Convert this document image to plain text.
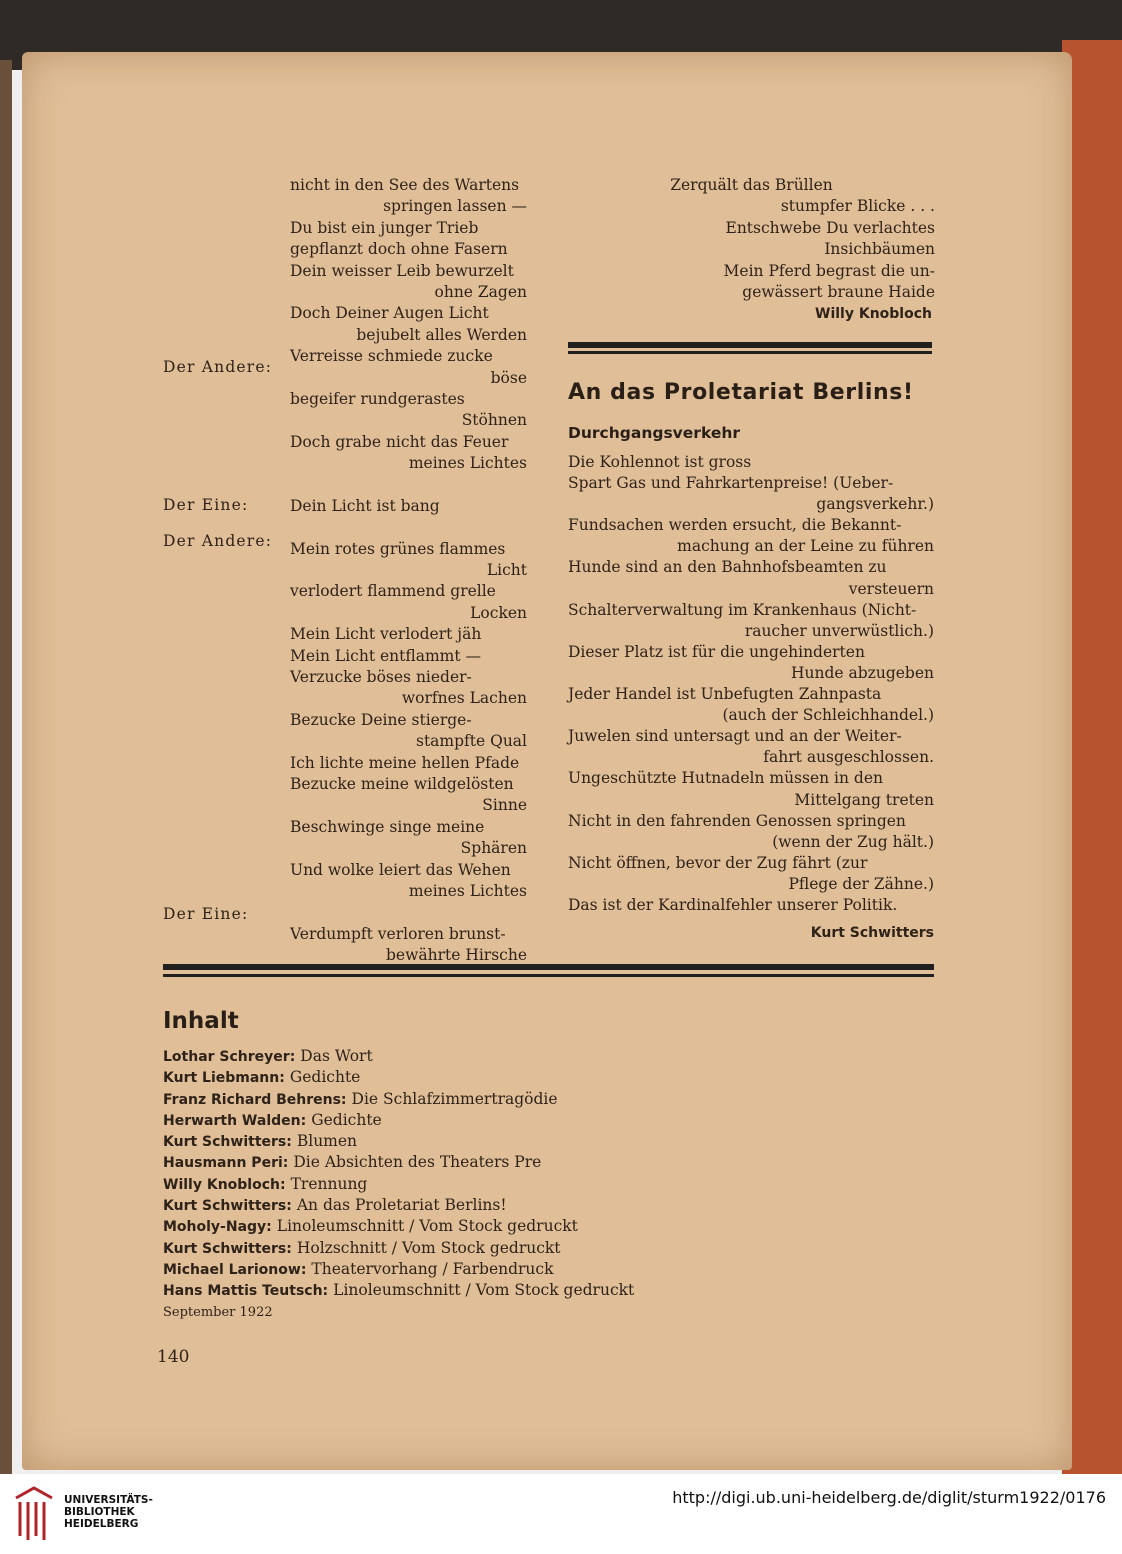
nicht in den See des Wartens
springen lassen —
Du bist ein junger Trieb
gepflanzt doch ohne Fasern
Dein weisser Leib bewurzelt
ohne Zagen
Doch Deiner Augen Licht
bejubelt alles Werden
Verreisse schmiede zucke
böse
begeifer rundgerastes
Stöhnen
Doch grabe nicht das Feuer
meines Lichtes
Dein Licht ist bang
Mein rotes grünes flammes
Licht
verlodert flammend grelle
Locken
Mein Licht verlodert jäh
Mein Licht entflammt —
Verzucke böses nieder-
worfnes Lachen
Bezucke Deine stierge-
stampfte Qual
Ich lichte meine hellen Pfade
Bezucke meine wildgelösten
Sinne
Beschwinge singe meine
Sphären
Und wolke leiert das Wehen
meines Lichtes
Verdumpft verloren brunst-
bewährte Hirsche
Der Andere:
Der Eine:
Der Andere:
Der Eine:
Zerquält das Brüllen
stumpfer Blicke . . .
Entschwebe Du verlachtes
Insichbäumen
Mein Pferd begrast die un-
gewässert braune Haide
Willy Knobloch
An das Proletariat Berlins!
Durchgangsverkehr
Die Kohlennot ist gross
Spart Gas und Fahrkartenpreise! (Ueber-
gangsverkehr.)
Fundsachen werden ersucht, die Bekannt-
machung an der Leine zu führen
Hunde sind an den Bahnhofsbeamten zu
versteuern
Schalterverwaltung im Krankenhaus (Nicht-
raucher unverwüstlich.)
Dieser Platz ist für die ungehinderten
Hunde abzugeben
Jeder Handel ist Unbefugten Zahnpasta
(auch der Schleichhandel.)
Juwelen sind untersagt und an der Weiter-
fahrt ausgeschlossen.
Ungeschützte Hutnadeln müssen in den
Mittelgang treten
Nicht in den fahrenden Genossen springen
(wenn der Zug hält.)
Nicht öffnen, bevor der Zug fährt (zur
Pflege der Zähne.)
Das ist der Kardinalfehler unserer Politik.
Kurt Schwitters
Inhalt
Lothar Schreyer: Das Wort
Kurt Liebmann: Gedichte
Franz Richard Behrens: Die Schlafzimmertragödie
Herwarth Walden: Gedichte
Kurt Schwitters: Blumen
Hausmann Peri: Die Absichten des Theaters Pre
Willy Knobloch: Trennung
Kurt Schwitters: An das Proletariat Berlins!
Moholy-Nagy: Linoleumschnitt / Vom Stock gedruckt
Kurt Schwitters: Holzschnitt / Vom Stock gedruckt
Michael Larionow: Theatervorhang / Farbendruck
Hans Mattis Teutsch: Linoleumschnitt / Vom Stock gedruckt
September 1922
140
UNIVERSITÄTS-
BIBLIOTHEK
HEIDELBERG
http://digi.ub.uni-heidelberg.de/diglit/sturm1922/0176
